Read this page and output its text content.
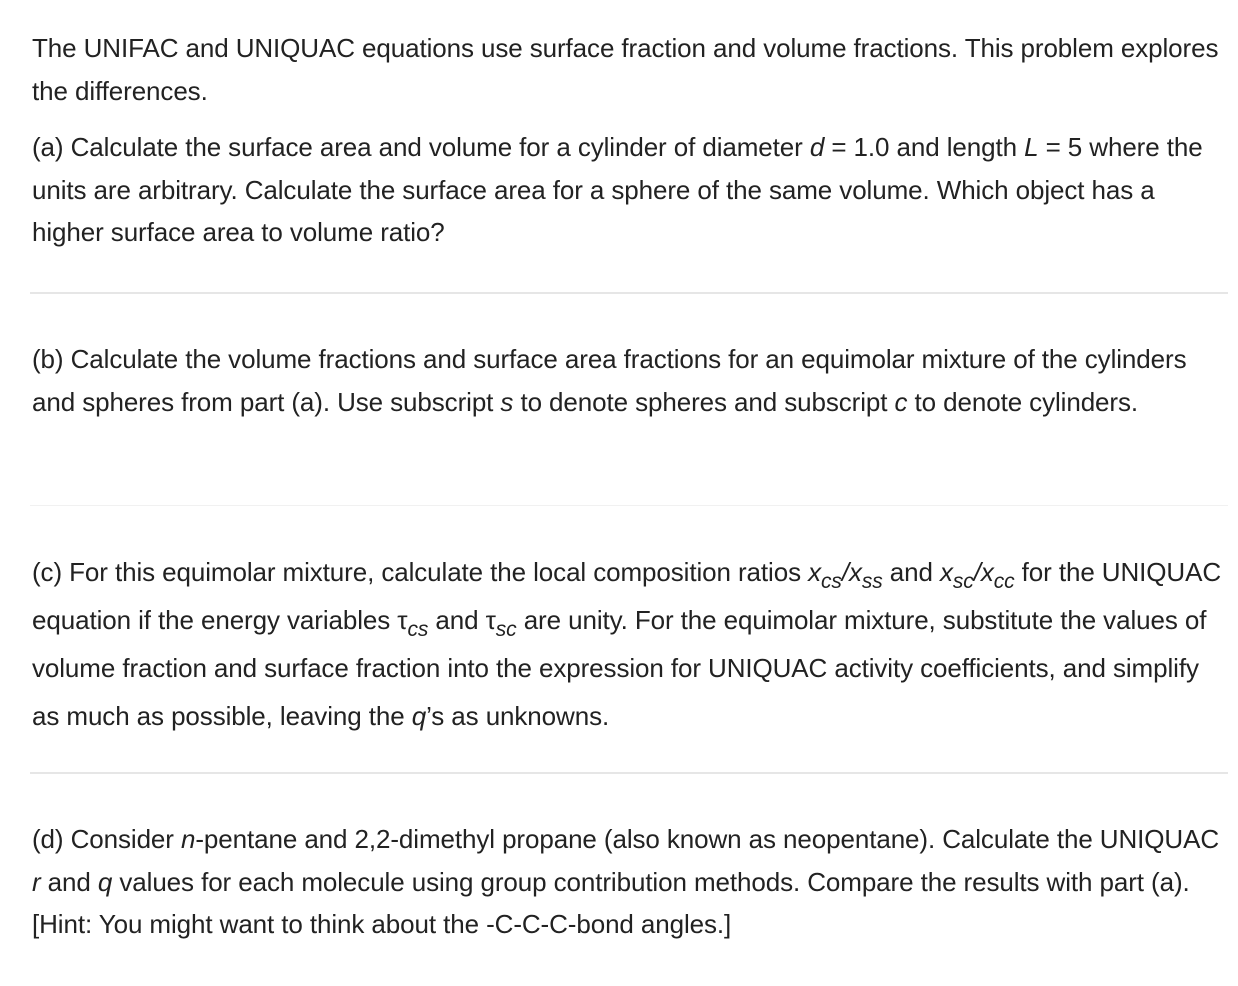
The UNIFAC and UNIQUAC equations use surface fraction and volume fractions. This problem explores the differences.

(a) Calculate the surface area and volume for a cylinder of diameter d = 1.0 and length L = 5 where the units are arbitrary. Calculate the surface area for a sphere of the same volume. Which object has a higher surface area to volume ratio?

(b) Calculate the volume fractions and surface area fractions for an equimolar mixture of the cylinders and spheres from part (a). Use subscript s to denote spheres and subscript c to denote cylinders.

(c) For this equimolar mixture, calculate the local composition ratios $x_{cs}/x_{ss}$ and $x_{sc}/x_{cc}$ for the UNIQUAC equation if the energy variables $\tau_{cs}$ and $\tau_{sc}$ are unity. For the equimolar mixture, substitute the values of volume fraction and surface fraction into the expression for UNIQUAC activity coefficients, and simplify as much as possible, leaving the q’s as unknowns.

(d) Consider n-pentane and 2,2-dimethyl propane (also known as neopentane). Calculate the UNIQUAC r and q values for each molecule using group contribution methods. Compare the results with part (a). [Hint: You might want to think about the -C-C-C-bond angles.]
